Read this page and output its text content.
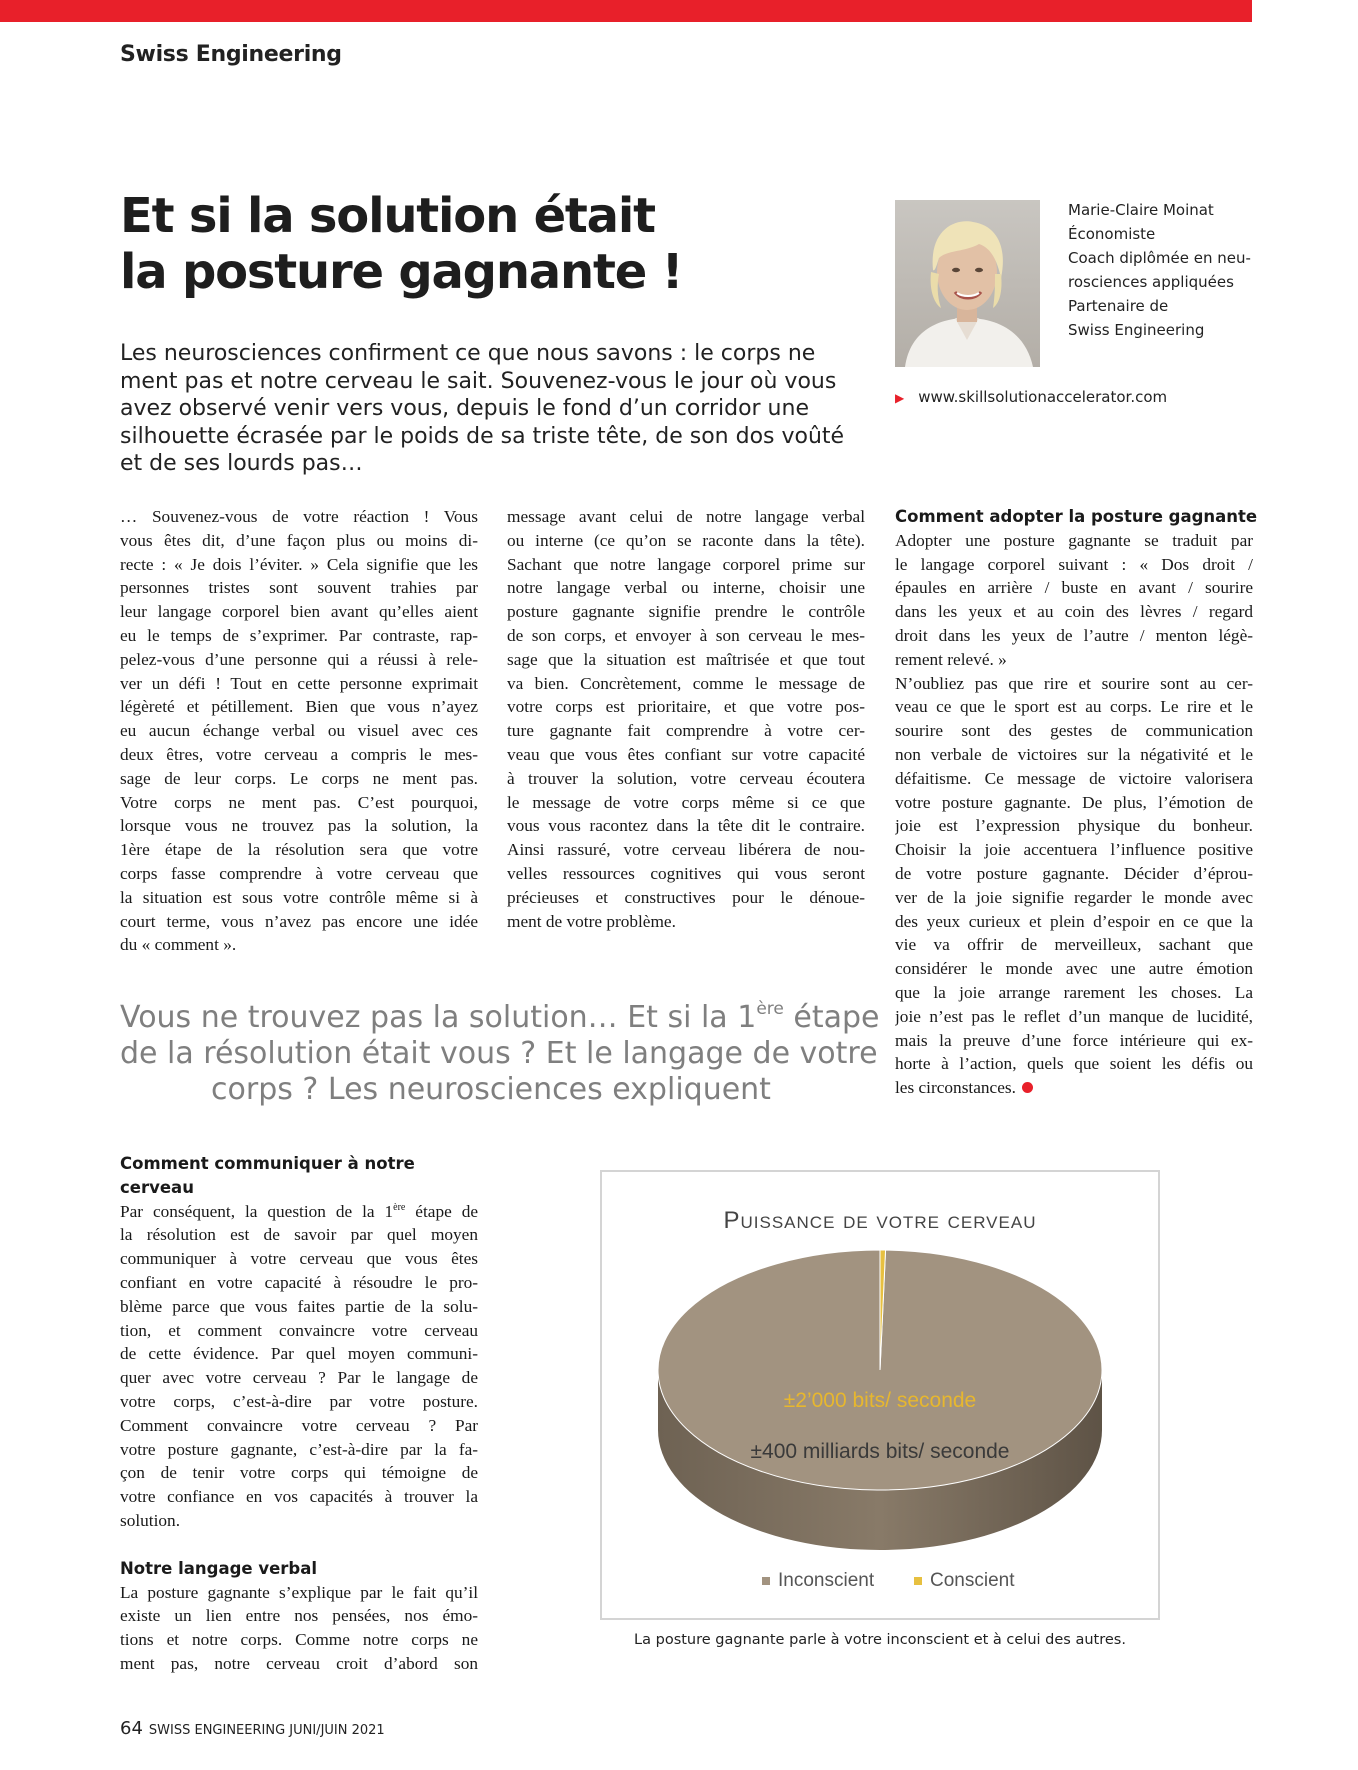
Swiss Engineering
Et si la solution était
la posture gagnante !
Les neurosciences confirment ce que nous savons : le corps ne
ment pas et notre cerveau le sait. Souvenez-vous le jour où vous
avez observé venir vers vous, depuis le fond d’un corridor une
silhouette écrasée par le poids de sa triste tête, de son dos voûté
et de ses lourds pas…
Marie-Claire Moinat
Économiste
Coach diplômée en neu-
rosciences appliquées
Partenaire de
Swiss Engineering
▶ www.skillsolutionaccelerator.com
… Souvenez-vous de votre réaction ! Vous
vous êtes dit, d’une façon plus ou moins di-
recte : « Je dois l’éviter. » Cela signifie que les
personnes tristes sont souvent trahies par
leur langage corporel bien avant qu’elles aient
eu le temps de s’exprimer. Par contraste, rap-
pelez-vous d’une personne qui a réussi à rele-
ver un défi ! Tout en cette personne exprimait
légèreté et pétillement. Bien que vous n’ayez
eu aucun échange verbal ou visuel avec ces
deux êtres, votre cerveau a compris le mes-
sage de leur corps. Le corps ne ment pas.
Votre corps ne ment pas. C’est pourquoi,
lorsque vous ne trouvez pas la solution, la
1ère étape de la résolution sera que votre
corps fasse comprendre à votre cerveau que
la situation est sous votre contrôle même si à
court terme, vous n’avez pas encore une idée
du « comment ».
message avant celui de notre langage verbal
ou interne (ce qu’on se raconte dans la tête).
Sachant que notre langage corporel prime sur
notre langage verbal ou interne, choisir une
posture gagnante signifie prendre le contrôle
de son corps, et envoyer à son cerveau le mes-
sage que la situation est maîtrisée et que tout
va bien. Concrètement, comme le message de
votre corps est prioritaire, et que votre pos-
ture gagnante fait comprendre à votre cer-
veau que vous êtes confiant sur votre capacité
à trouver la solution, votre cerveau écoutera
le message de votre corps même si ce que
vous vous racontez dans la tête dit le contraire.
Ainsi rassuré, votre cerveau libérera de nou-
velles ressources cognitives qui vous seront
précieuses et constructives pour le dénoue-
ment de votre problème.
Comment adopter la posture gagnante
Adopter une posture gagnante se traduit par
le langage corporel suivant : « Dos droit /
épaules en arrière / buste en avant / sourire
dans les yeux et au coin des lèvres / regard
droit dans les yeux de l’autre / menton légè-
rement relevé. »
N’oubliez pas que rire et sourire sont au cer-
veau ce que le sport est au corps. Le rire et le
sourire sont des gestes de communication
non verbale de victoires sur la négativité et le
défaitisme. Ce message de victoire valorisera
votre posture gagnante. De plus, l’émotion de
joie est l’expression physique du bonheur.
Choisir la joie accentuera l’influence positive
de votre posture gagnante. Décider d’éprou-
ver de la joie signifie regarder le monde avec
des yeux curieux et plein d’espoir en ce que la
vie va offrir de merveilleux, sachant que
considérer le monde avec une autre émotion
que la joie arrange rarement les choses. La
joie n’est pas le reflet d’un manque de lucidité,
mais la preuve d’une force intérieure qui ex-
horte à l’action, quels que soient les défis ou
les circonstances.
Vous ne trouvez pas la solution… Et si la 1ère étape
de la résolution était vous ? Et le langage de votre
corps ? Les neurosciences expliquent
Comment communiquer à notre
cerveau
Par conséquent, la question de la 1ère étape de
la résolution est de savoir par quel moyen
communiquer à votre cerveau que vous êtes
confiant en votre capacité à résoudre le pro-
blème parce que vous faites partie de la solu-
tion, et comment convaincre votre cerveau
de cette évidence. Par quel moyen communi-
quer avec votre cerveau ? Par le langage de
votre corps, c’est-à-dire par votre posture.
Comment convaincre votre cerveau ? Par
votre posture gagnante, c’est-à-dire par la fa-
çon de tenir votre corps qui témoigne de
votre confiance en vos capacités à trouver la
solution.
Notre langage verbal
La posture gagnante s’explique par le fait qu’il
existe un lien entre nos pensées, nos émo-
tions et notre corps. Comme notre corps ne
ment pas, notre cerveau croit d’abord son
Puissance de votre cerveau
±2’000 bits/ seconde
±400 milliards bits/ seconde
Inconscient	Conscient
La posture gagnante parle à votre inconscient et à celui des autres.
64 SWISS ENGINEERING JUNI/JUIN 2021
